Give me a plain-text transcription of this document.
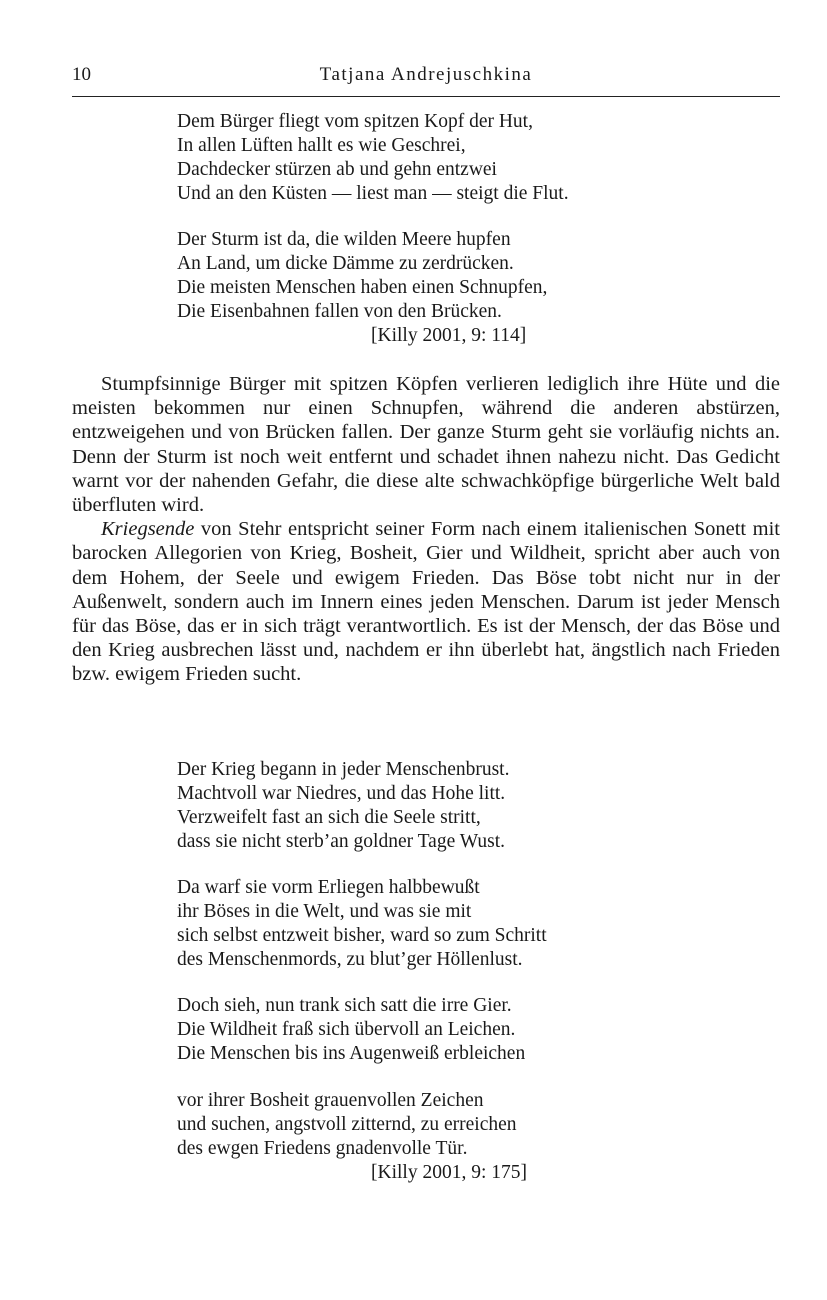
10	Tatjana Andrejuschkina
Dem Bürger fliegt vom spitzen Kopf der Hut,
In allen Lüften hallt es wie Geschrei,
Dachdecker stürzen ab und gehn entzwei
Und an den Küsten — liest man — steigt die Flut.
Der Sturm ist da, die wilden Meere hupfen
An Land, um dicke Dämme zu zerdrücken.
Die meisten Menschen haben einen Schnupfen,
Die Eisenbahnen fallen von den Brücken.
[Killy 2001, 9: 114]

Stumpfsinnige Bürger mit spitzen Köpfen verlieren lediglich ihre Hüte und die meisten bekommen nur einen Schnupfen, während die anderen abstürzen, entzweigehen und von Brücken fallen. Der ganze Sturm geht sie vorläufig nichts an. Denn der Sturm ist noch weit entfernt und schadet ihnen nahezu nicht. Das Gedicht warnt vor der nahenden Gefahr, die diese alte schwachköpfige bürgerliche Welt bald überfluten wird.

Kriegsende von Stehr entspricht seiner Form nach einem italienischen Sonett mit barocken Allegorien von Krieg, Bosheit, Gier und Wildheit, spricht aber auch von dem Hohem, der Seele und ewigem Frieden. Das Böse tobt nicht nur in der Außenwelt, sondern auch im Innern eines jeden Menschen. Darum ist jeder Mensch für das Böse, das er in sich trägt verantwortlich. Es ist der Mensch, der das Böse und den Krieg ausbrechen lässt und, nachdem er ihn überlebt hat, ängstlich nach Frieden bzw. ewigem Frieden sucht.

Der Krieg begann in jeder Menschenbrust.
Machtvoll war Niedres, und das Hohe litt.
Verzweifelt fast an sich die Seele stritt,
dass sie nicht sterb’an goldner Tage Wust.
Da warf sie vorm Erliegen halbbewußt
ihr Böses in die Welt, und was sie mit
sich selbst entzweit bisher, ward so zum Schritt
des Menschenmords, zu blut’ger Höllenlust.
Doch sieh, nun trank sich satt die irre Gier.
Die Wildheit fraß sich übervoll an Leichen.
Die Menschen bis ins Augenweiß erbleichen
vor ihrer Bosheit grauenvollen Zeichen
und suchen, angstvoll zitternd, zu erreichen
des ewgen Friedens gnadenvolle Tür.
[Killy 2001, 9: 175]
